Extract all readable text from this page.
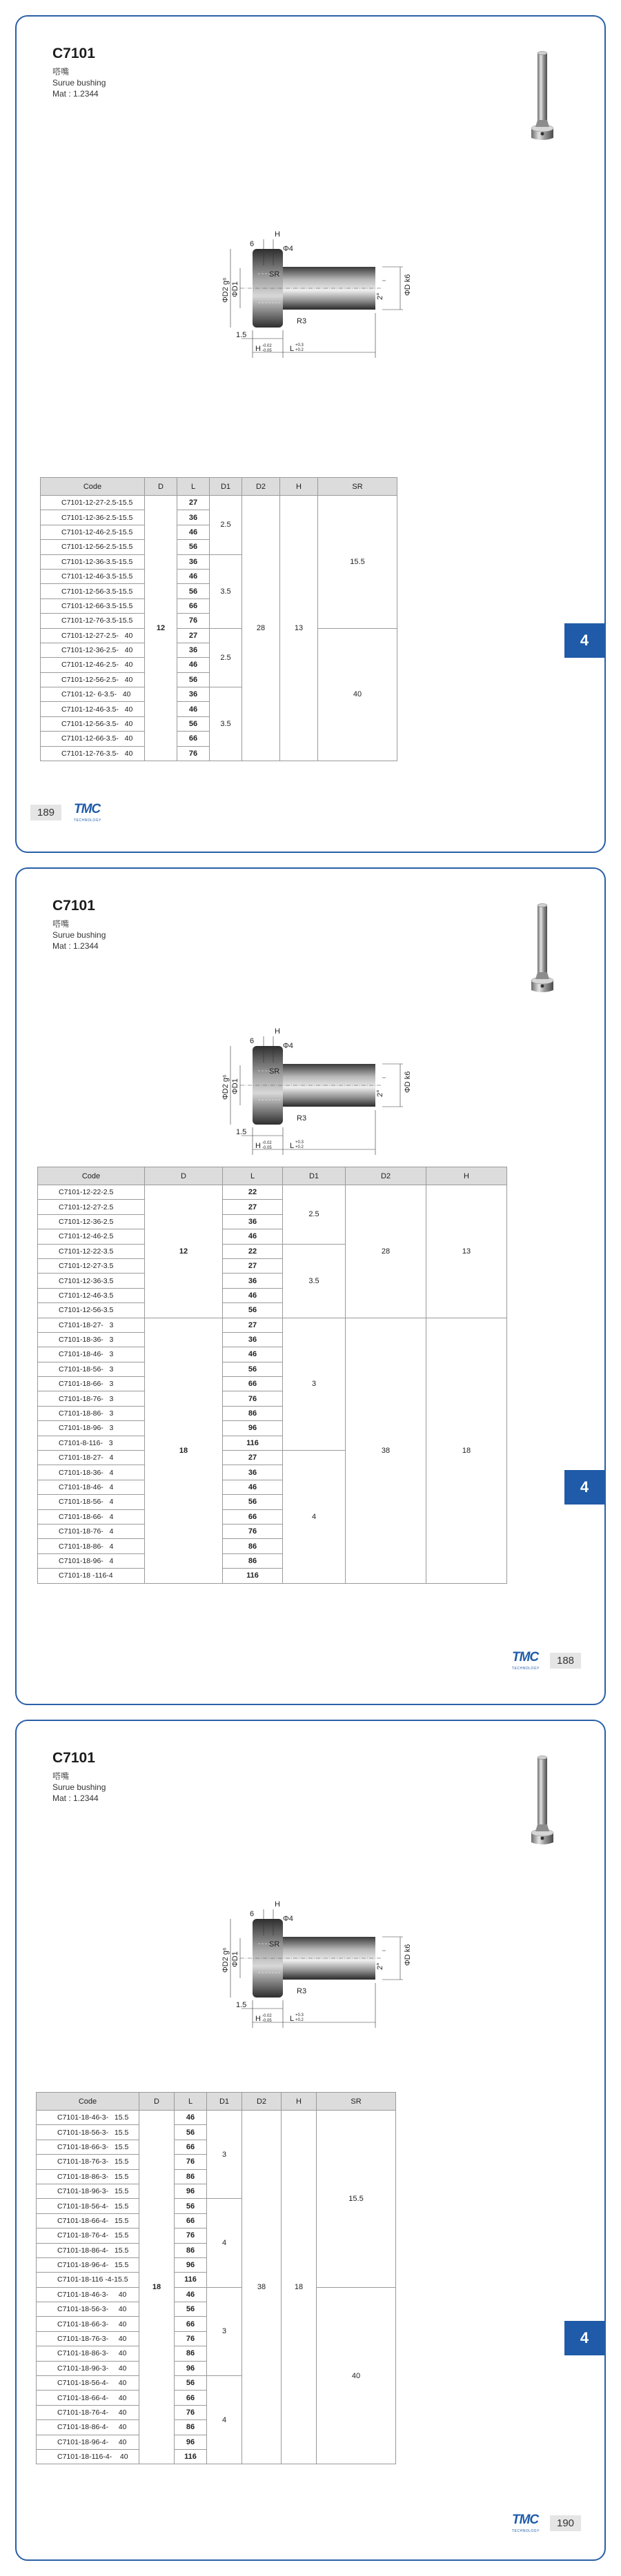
C7101
嗒嘴
Surue bushing
Mat : 1.2344
Code	D	L	D1	D2	H	SR
C7101-12-27-2.5-15.5	12	27	2.5	28	13	15.5
C7101-12-36-2.5-15.5		36				
C7101-12-46-2.5-15.5		46				
C7101-12-56-2.5-15.5		56				
C7101-12-36-3.5-15.5		36	3.5			
C7101-12-46-3.5-15.5		46				
C7101-12-56-3.5-15.5		56				
C7101-12-66-3.5-15.5		66				
C7101-12-76-3.5-15.5		76				
C7101-12-27-2.5-   40		27	2.5			40
C7101-12-36-2.5-   40		36				
C7101-12-46-2.5-   40		46				
C7101-12-56-2.5-   40		56				
C7101-12- 6-3.5-   40		36	3.5			
C7101-12-46-3.5-   40		46				
C7101-12-56-3.5-   40		56				
C7101-12-66-3.5-   40		66				
C7101-12-76-3.5-   40		76				
4
189	TMC
TECHNOLOGY
C7101
嗒嘴
Surue bushing
Mat : 1.2344
Code	D	L	D1	D2	H
C7101-12-22-2.5	12	22	2.5	28	13
C7101-12-27-2.5		27			
C7101-12-36-2.5		36			
C7101-12-46-2.5		46			
C7101-12-22-3.5		22	3.5		
C7101-12-27-3.5		27			
C7101-12-36-3.5		36			
C7101-12-46-3.5		46			
C7101-12-56-3.5		56			
C7101-18-27-   3	18	27	3	38	18
C7101-18-36-   3		36			
C7101-18-46-   3		46			
C7101-18-56-   3		56			
C7101-18-66-   3		66			
C7101-18-76-   3		76			
C7101-18-86-   3		86			
C7101-18-96-   3		96			
C7101-8-116-   3		116			
C7101-18-27-   4		27	4		
C7101-18-36-   4		36			
C7101-18-46-   4		46			
C7101-18-56-   4		56			
C7101-18-66-   4		66			
C7101-18-76-   4		76			
C7101-18-86-   4		86			
C7101-18-96-   4		86			
C7101-18 -116-4		116			
4
188
TMC
TECHNOLOGY
C7101
嗒嘴
Surue bushing
Mat : 1.2344
Code	D	L	D1	D2	H	SR
C7101-18-46-3-   15.5	18	46	3	38	18	15.5
C7101-18-56-3-   15.5		56				
C7101-18-66-3-   15.5		66				
C7101-18-76-3-   15.5		76				
C7101-18-86-3-   15.5		86				
C7101-18-96-3-   15.5		96				
C7101-18-56-4-   15.5		56	4			
C7101-18-66-4-   15.5		66				
C7101-18-76-4-   15.5		76				
C7101-18-86-4-   15.5		86				
C7101-18-96-4-   15.5		96				
C7101-18-116 -4-15.5		116				
C7101-18-46-3-     40		46	3			40
C7101-18-56-3-     40		56				
C7101-18-66-3-     40		66				
C7101-18-76-3-     40		76				
C7101-18-86-3-     40		86				
C7101-18-96-3-     40		96				
C7101-18-56-4-     40		56	4			
C7101-18-66-4-     40		66				
C7101-18-76-4-     40		76				
C7101-18-86-4-     40		86				
C7101-18-96-4-     40		96				
C7101-18-116-4-    40		116				
4
190
TMC
TECHNOLOGY
